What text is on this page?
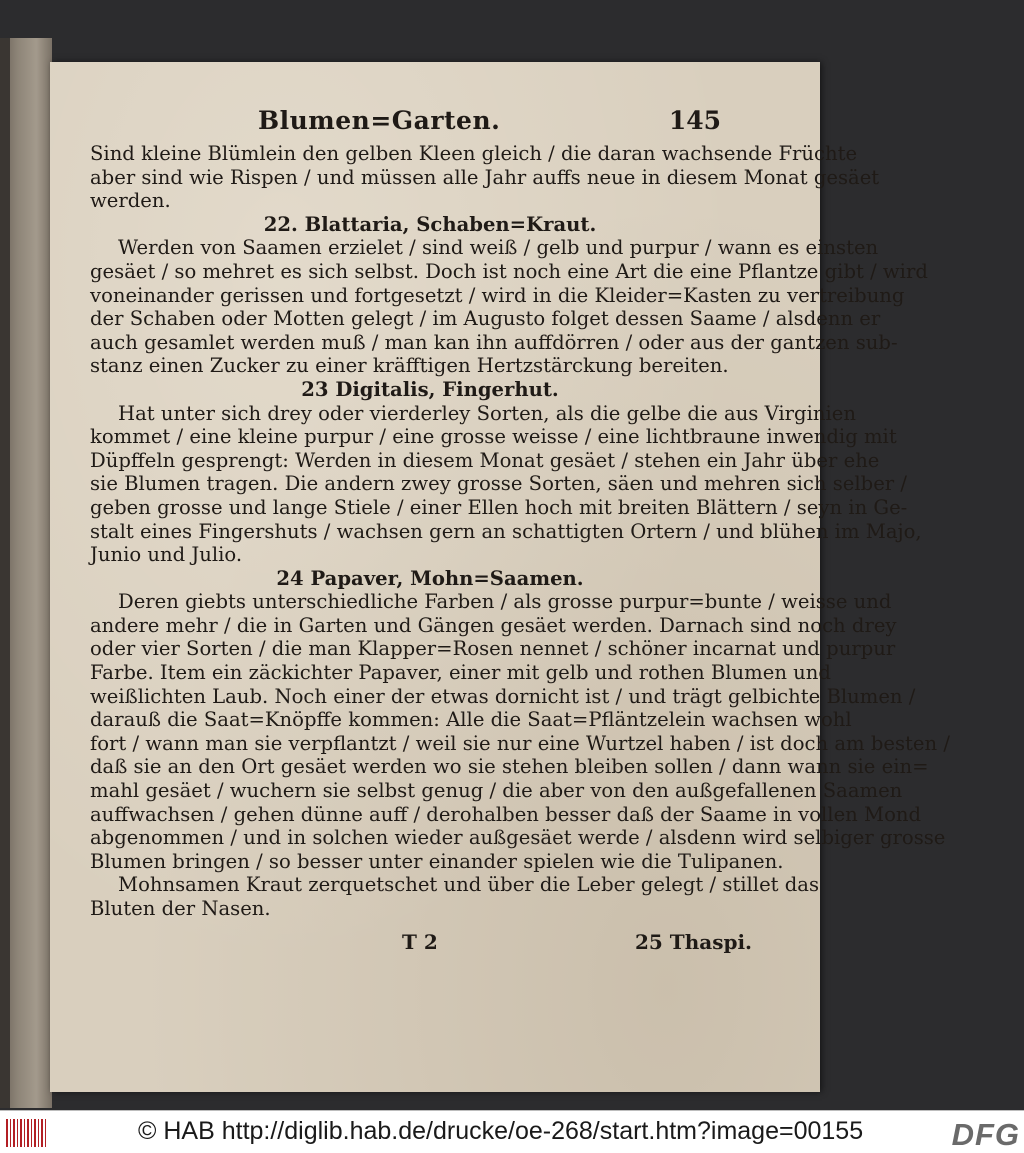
Blumen=Garten.	145
Sind kleine Blümlein den gelben Kleen gleich / die daran wachsende Früchte
aber sind wie Rispen / und müssen alle Jahr auffs neue in diesem Monat gesäet
werden.
22. Blattaria, Schaben=Kraut.
Werden von Saamen erzielet / sind weiß / gelb und purpur / wann es einsten
gesäet / so mehret es sich selbst. Doch ist noch eine Art die eine Pflantze gibt / wird
voneinander gerissen und fortgesetzt / wird in die Kleider=Kasten zu vertreibung
der Schaben oder Motten gelegt / im Augusto folget dessen Saame / alsdenn er
auch gesamlet werden muß / man kan ihn auffdörren / oder aus der gantzen sub-
stanz einen Zucker zu einer kräfftigen Hertzstärckung bereiten.
23 Digitalis, Fingerhut.
Hat unter sich drey oder vierderley Sorten, als die gelbe die aus Virginien
kommet / eine kleine purpur / eine grosse weisse / eine lichtbraune inwendig mit
Düpffeln gesprengt: Werden in diesem Monat gesäet / stehen ein Jahr über ehe
sie Blumen tragen. Die andern zwey grosse Sorten, säen und mehren sich selber /
geben grosse und lange Stiele / einer Ellen hoch mit breiten Blättern / seyn in Ge-
stalt eines Fingershuts / wachsen gern an schattigten Ortern / und blühen im Majo,
Junio und Julio.
24 Papaver, Mohn=Saamen.
Deren giebts unterschiedliche Farben / als grosse purpur=bunte / weisse und
andere mehr / die in Garten und Gängen gesäet werden. Darnach sind noch drey
oder vier Sorten / die man Klapper=Rosen nennet / schöner incarnat und purpur
Farbe. Item ein zäckichter Papaver, einer mit gelb und rothen Blumen und
weißlichten Laub. Noch einer der etwas dornicht ist / und trägt gelbichte Blumen /
darauß die Saat=Knöpffe kommen: Alle die Saat=Pfläntzelein wachsen wohl
fort / wann man sie verpflantzt / weil sie nur eine Wurtzel haben / ist doch am besten /
daß sie an den Ort gesäet werden wo sie stehen bleiben sollen / dann wann sie ein=
mahl gesäet / wuchern sie selbst genug / die aber von den außgefallenen Saamen
auffwachsen / gehen dünne auff / derohalben besser daß der Saame in vollen Mond
abgenommen / und in solchen wieder außgesäet werde / alsdenn wird selbiger grosse
Blumen bringen / so besser unter einander spielen wie die Tulipanen.
Mohnsamen Kraut zerquetschet und über die Leber gelegt / stillet das
Bluten der Nasen.
T 2	25 Thaspi.
© HAB http://diglib.hab.de/drucke/oe-268/start.htm?image=00155	DFG
